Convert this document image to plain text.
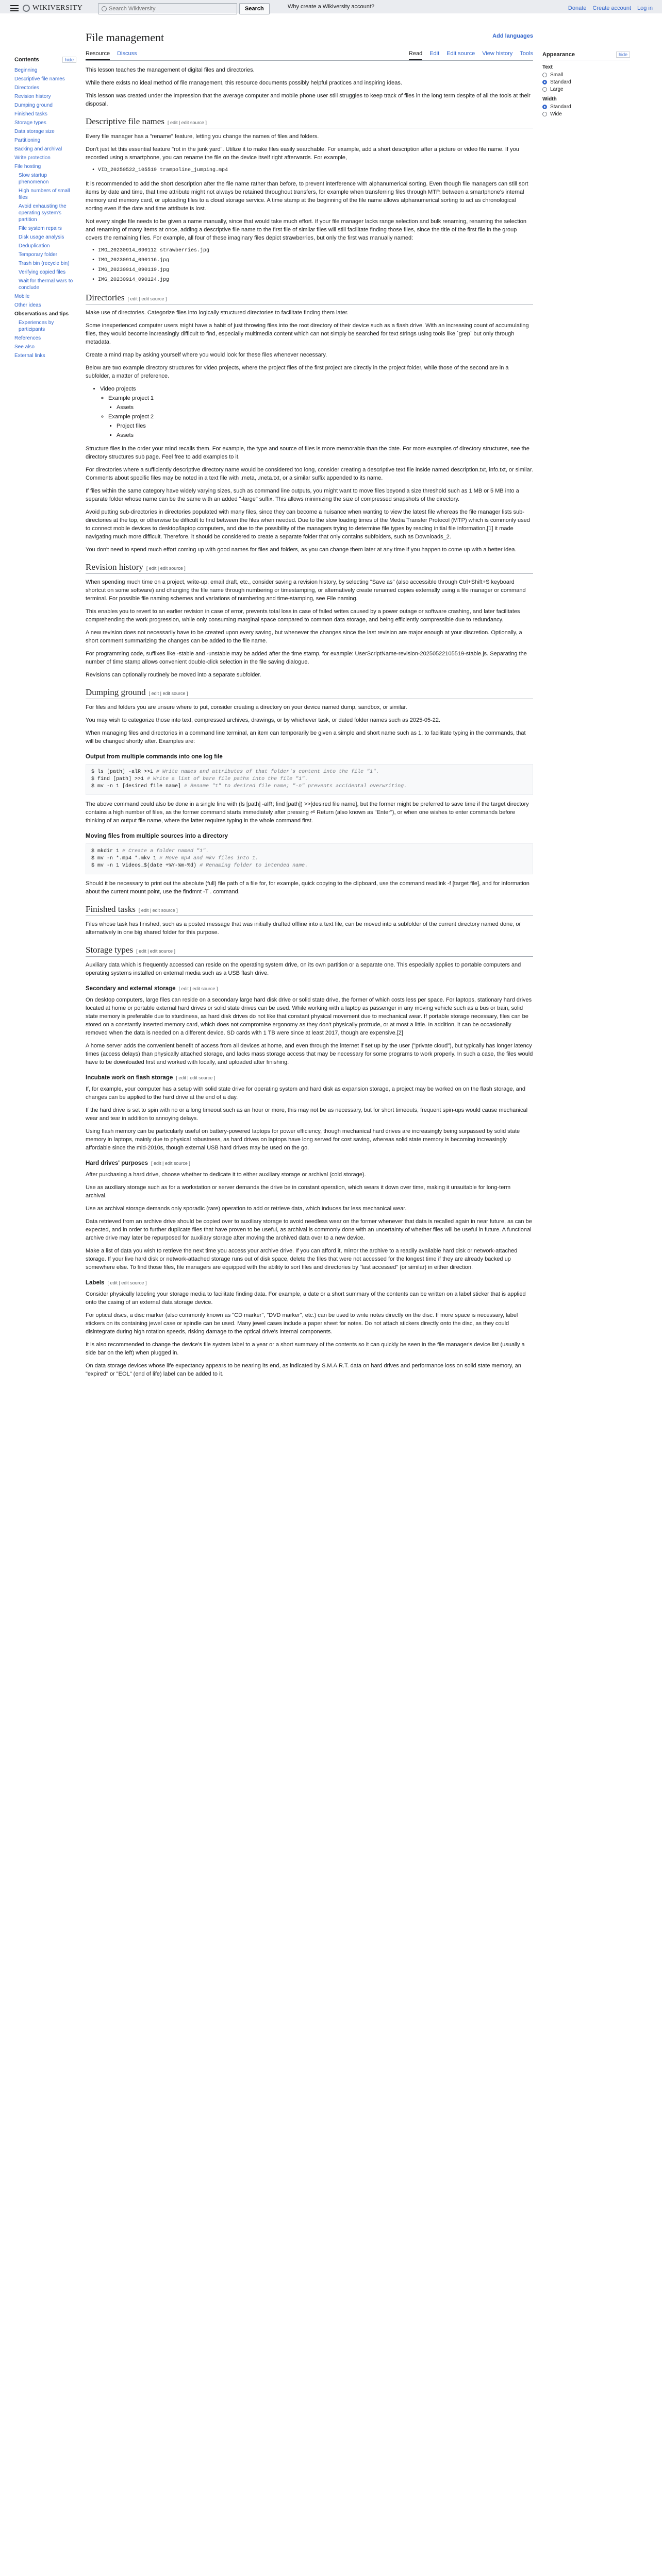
Why create a Wikiversity account?
WIKIVERSITY
Search Wikiversity	Search	Donate Create account Log in
Contents	hide
Beginning
Descriptive file names
Directories
Revision history
Dumping ground
Finished tasks
Storage types
Data storage size
Partitioning
Backing and archival
Write protection
File hosting
Slow startup phenomenon
High numbers of small files
Avoid exhausting the operating system's partition
File system repairs
Disk usage analysis
Deduplication
Temporary folder
Trash bin (recycle bin)
Verifying copied files
Wait for thermal wars to conclude
Mobile
Other ideas
Observations and tips
Experiences by participants
References
See also
External links
File management	Add languages
Resource Discuss	Read Edit Edit source View history Tools

This lesson teaches the management of digital files and directories.

While there exists no ideal method of file management, this resource documents possibly helpful practices and inspiring ideas.

This lesson was created under the impression that the average computer and mobile phone user still struggles to keep track of files in the long term despite of all the tools at their disposal.

Descriptive file names [ edit | edit source ]

Every file manager has a "rename" feature, letting you change the names of files and folders.

Don't just let this essential feature "rot in the junk yard". Utilize it to make files easily searchable. For example, add a short description after a picture or video file name. If you recorded using a smartphone, you can rename the file on the device itself right afterwards. For example,

• VID_20250522_105519 trampoline_jumping.mp4

It is recommended to add the short description after the file name rather than before, to prevent interference with alphanumerical sorting. Even though file managers can still sort items by date and time, that time attribute might not always be retained throughout transfers, for example when transferring files through MTP, between a smartphone's internal memory and memory card, or uploading files to a cloud storage service. A time stamp at the beginning of the file name allows alphanumerical sorting to act as chronological sorting even if the date and time attribute is lost.

Not every single file needs to be given a name manually, since that would take much effort. If your file manager lacks range selection and bulk renaming, renaming the selection and renaming of many items at once, adding a descriptive file name to the first file of similar files will still facilitate finding those files, since the title of the first file in the group covers the remaining files. For example, all four of these imaginary files depict strawberries, but only the first was manually named:

• IMG_20230914_090112 strawberries.jpg
• IMG_20230914_090116.jpg
• IMG_20230914_090119.jpg
• IMG_20230914_090124.jpg
Directories [ edit | edit source ]

Make use of directories. Categorize files into logically structured directories to facilitate finding them later.

Some inexperienced computer users might have a habit of just throwing files into the root directory of their device such as a flash drive. With an increasing count of accumulating files, they would become increasingly difficult to find, especially multimedia content which can not simply be searched for text strings using tools like `grep` but only through metadata.

Create a mind map by asking yourself where you would look for these files whenever necessary.

Below are two example directory structures for video projects, where the project files of the first project are directly in the project folder, while those of the second are in a subfolder, a matter of preference.

• Video projects
◦ Example project 1
▪ Assets
◦ Example project 2
▪ Project files
▪ Assets

Structure files in the order your mind recalls them. For example, the type and source of files is more memorable than the date. For more examples of directory structures, see the directory structures sub page. Feel free to add examples to it.

For directories where a sufficiently descriptive directory name would be considered too long, consider creating a descriptive text file inside named description.txt, info.txt, or similar. Comments about specific files may be noted in a text file with .meta, .meta.txt, or a similar suffix appended to its name.

If files within the same category have widely varying sizes, such as command line outputs, you might want to move files beyond a size threshold such as 1 MB or 5 MB into a separate folder whose name can be the same with an added "-large" suffix. This allows minimizing the size of compressed snapshots of the directory.

Avoid putting sub-directories in directories populated with many files, since they can become a nuisance when wanting to view the latest file whereas the file manager lists sub-directories at the top, or otherwise be difficult to find between the files when needed. Due to the slow loading times of the Media Transfer Protocol (MTP) which is commonly used to connect mobile devices to desktop/laptop computers, and due to the possibility of the managers trying to determine file types by reading initial file information,[1] it made navigating much more difficult. Therefore, it should be considered to create a separate folder that only contains subfolders, such as Downloads_2.

You don't need to spend much effort coming up with good names for files and folders, as you can change them later at any time if you happen to come up with a better idea.

Revision history [ edit | edit source ]

When spending much time on a project, write-up, email draft, etc., consider saving a revision history, by selecting "Save as" (also accessible through Ctrl+Shift+S keyboard shortcut on some software) and changing the file name through numbering or timestamping, or alternatively create renamed copies externally using a file manager or command terminal. For possible file naming schemes and variations of numbering and time-stamping, see File naming.

This enables you to revert to an earlier revision in case of error, prevents total loss in case of failed writes caused by a power outage or software crashing, and later facilitates comprehending the work progression, while only consuming marginal space compared to common data storage, and being efficiently compressible due to redundancy.

A new revision does not necessarily have to be created upon every saving, but whenever the changes since the last revision are major enough at your discretion. Optionally, a short comment summarizing the changes can be added to the file name.

For programming code, suffixes like -stable and -unstable may be added after the time stamp, for example: UserScriptName-revision-20250522105519-stable.js. Separating the number of time stamp allows convenient double-click selection in the file saving dialogue.

Revisions can optionally routinely be moved into a separate subfolder.

Dumping ground [ edit | edit source ]

For files and folders you are unsure where to put, consider creating a directory on your device named dump, sandbox, or similar.

You may wish to categorize those into text, compressed archives, drawings, or by whichever task, or dated folder names such as 2025-05-22.

When managing files and directories in a command line terminal, an item can temporarily be given a simple and short name such as 1, to facilitate typing in the commands, that will be changed shortly after. Examples are:

Output from multiple commands into one log file
$ ls [path] -alR >>1 # Write names and attributes of that folder's content into the file "1".
$ find [path] >>1 # Write a list of bare file paths into the file "1".
$ mv -n 1 [desired file name] # Rename "1" to desired file name; "-n" prevents accidental overwriting.

The above command could also be done in a single line with (ls [path] -alR; find [path]) >>[desired file name], but the former might be preferred to save time if the target directory contains a high number of files, as the former command starts immediately after pressing ⏎ Return (also known as "Enter"), or when one wishes to enter commands before thinking of an output file name, where the latter requires typing in the whole command first.

Moving files from multiple sources into a directory
$ mkdir 1 # Create a folder named "1".
$ mv -n *.mp4 *.mkv 1 # Move mp4 and mkv files into 1.
$ mv -n 1 Videos_$(date +%Y-%m-%d) # Renaming folder to intended name.

Should it be necessary to print out the absolute (full) file path of a file for, for example, quick copying to the clipboard, use the command readlink -f [target file], and for information about the current mount point, use the findmnt -T . command.

Finished tasks [ edit | edit source ]

Files whose task has finished, such as a posted message that was initially drafted offline into a text file, can be moved into a subfolder of the current directory named done, or alternatively in one big shared folder for this purpose.

Storage types [ edit | edit source ]

Auxiliary data which is frequently accessed can reside on the operating system drive, on its own partition or a separate one. This especially applies to portable computers and operating systems installed on external media such as a USB flash drive.

Secondary and external storage [ edit | edit source ]

On desktop computers, large files can reside on a secondary large hard disk drive or solid state drive, the former of which costs less per space. For laptops, stationary hard drives located at home or portable external hard drives or solid state drives can be used. While working with a laptop as passenger in any moving vehicle such as a bus or train, solid state memory is preferable due to sturdiness, as hard disk drives do not like that constant physical movement due to mechanical wear. If portable storage necessary, files can be stored on a constantly inserted memory card, which does not compromise ergonomy as they don't physically protrude, or at most a little. In addition, it can be occasionally removed when the data is needed on a different device. SD cards with 1 TB were since at least 2017, though are expensive.[2]

A home server adds the convenient benefit of access from all devices at home, and even through the internet if set up by the user ("private cloud"), but typically has longer latency times (access delays) than physically attached storage, and lacks mass storage access that may be necessary for some programs to work properly. In such a case, the files would have to be downloaded first and worked with locally, and uploaded after finishing.

Incubate work on flash storage [ edit | edit source ]

If, for example, your computer has a setup with solid state drive for operating system and hard disk as expansion storage, a project may be worked on on the flash storage, and changes can be applied to the hard drive at the end of a day.

If the hard drive is set to spin with no or a long timeout such as an hour or more, this may not be as necessary, but for short timeouts, frequent spin-ups would cause mechanical wear and tear in addition to annoying delays.

Using flash memory can be particularly useful on battery-powered laptops for power efficiency, though mechanical hard drives are increasingly being surpassed by solid state memory in laptops, mainly due to physical robustness, as hard drives on laptops have long served for cost saving, whereas solid state memory is becoming increasingly affordable since the mid-2010s, though external USB hard drives may be used on the go.

Hard drives' purposes [ edit | edit source ]

After purchasing a hard drive, choose whether to dedicate it to either auxiliary storage or archival (cold storage).

Use as auxiliary storage such as for a workstation or server demands the drive be in constant operation, which wears it down over time, making it unsuitable for long-term archival.

Use as archival storage demands only sporadic (rare) operation to add or retrieve data, which induces far less mechanical wear.

Data retrieved from an archive drive should be copied over to auxiliary storage to avoid needless wear on the former whenever that data is recalled again in near future, as can be expected, and in order to further duplicate files that have proven to be useful, as archival is commonly done with an uncertainty of whether files will be useful in future. A functional archive drive may later be repurposed for auxiliary storage after moving the archived data over to a new device.

Make a list of data you wish to retrieve the next time you access your archive drive. If you can afford it, mirror the archive to a readily available hard disk or network-attached storage. If your live hard disk or network-attached storage runs out of disk space, delete the files that were not accessed for the longest time if they are already backed up somewhere else. To find those files, file managers are equipped with the ability to sort files and directories by "last accessed" (or similar) in either direction.

Labels [ edit | edit source ]

Consider physically labeling your storage media to facilitate finding data. For example, a date or a short summary of the contents can be written on a label sticker that is applied onto the casing of an external data storage device.

For optical discs, a disc marker (also commonly known as "CD marker", "DVD marker", etc.) can be used to write notes directly on the disc. If more space is necessary, label stickers on its containing jewel case or spindle can be used. Many jewel cases include a paper sheet for notes. Do not attach stickers directly onto the disc, as they could disintegrate during high rotation speeds, risking damage to the optical drive's internal components.

It is also recommended to change the device's file system label to a year or a short summary of the contents so it can quickly be seen in the file manager's device list (usually a side bar on the left) when plugged in.

On data storage devices whose life expectancy appears to be nearing its end, as indicated by S.M.A.R.T. data on hard drives and performance loss on solid state memory, an "expired" or "EOL" (end of life) label can be added to it.

Appearance	hide
Text
Small
Standard
Large
Width
Standard
Wide
